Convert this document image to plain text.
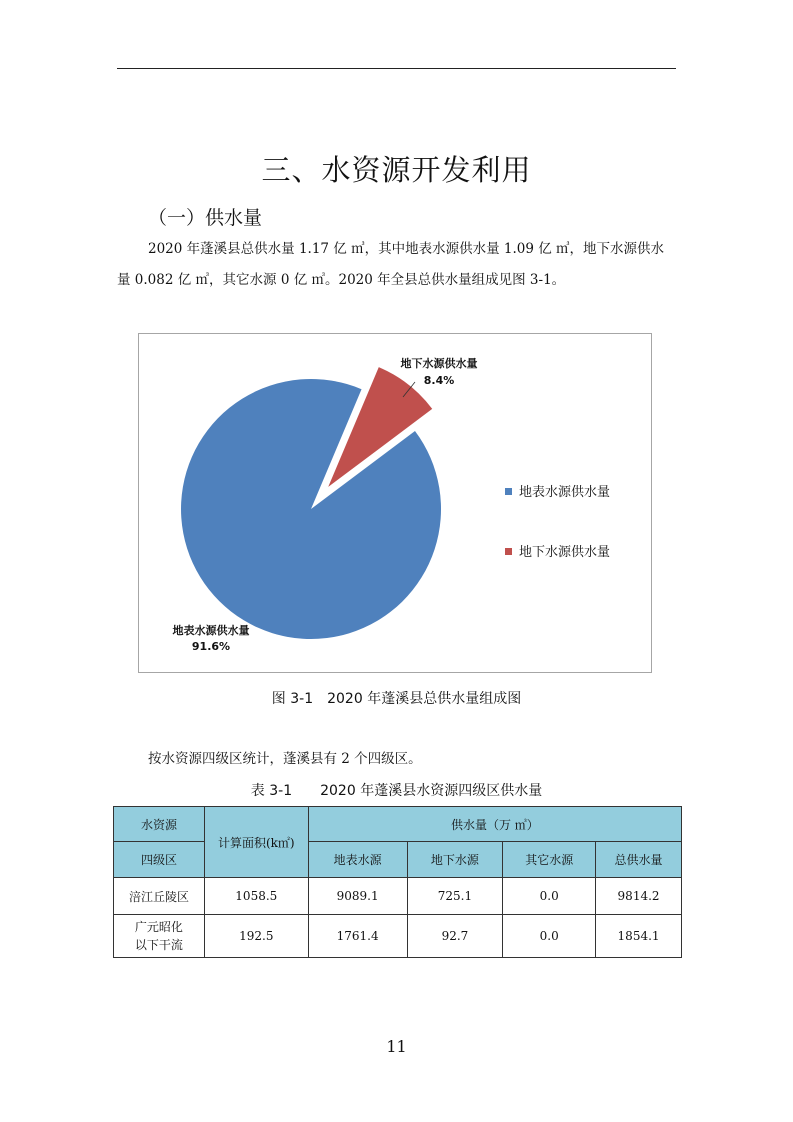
三、水资源开发利用
（一）供水量
2020 年蓬溪县总供水量 1.17 亿 ㎥，其中地表水源供水量 1.09 亿 ㎥，地下水源供水
量 0.082 亿 ㎥，其它水源 0 亿 ㎥。2020 年全县总供水量组成见图 3-1。
地下水源供水量
8.4%
地表水源供水量
91.6%
地表水源供水量
地下水源供水量
图 3-1　2020 年蓬溪县总供水量组成图
按水资源四级区统计，蓬溪县有 2 个四级区。
表 3-1　　2020 年蓬溪县水资源四级区供水量
水资源	计算面积(k㎡)	供水量（万 ㎥）			
四级区		地表水源	地下水源	其它水源	总供水量
涪江丘陵区	1058.5	9089.1	725.1	0.0	9814.2
广元昭化以下干流	192.5	1761.4	92.7	0.0	1854.1
11
